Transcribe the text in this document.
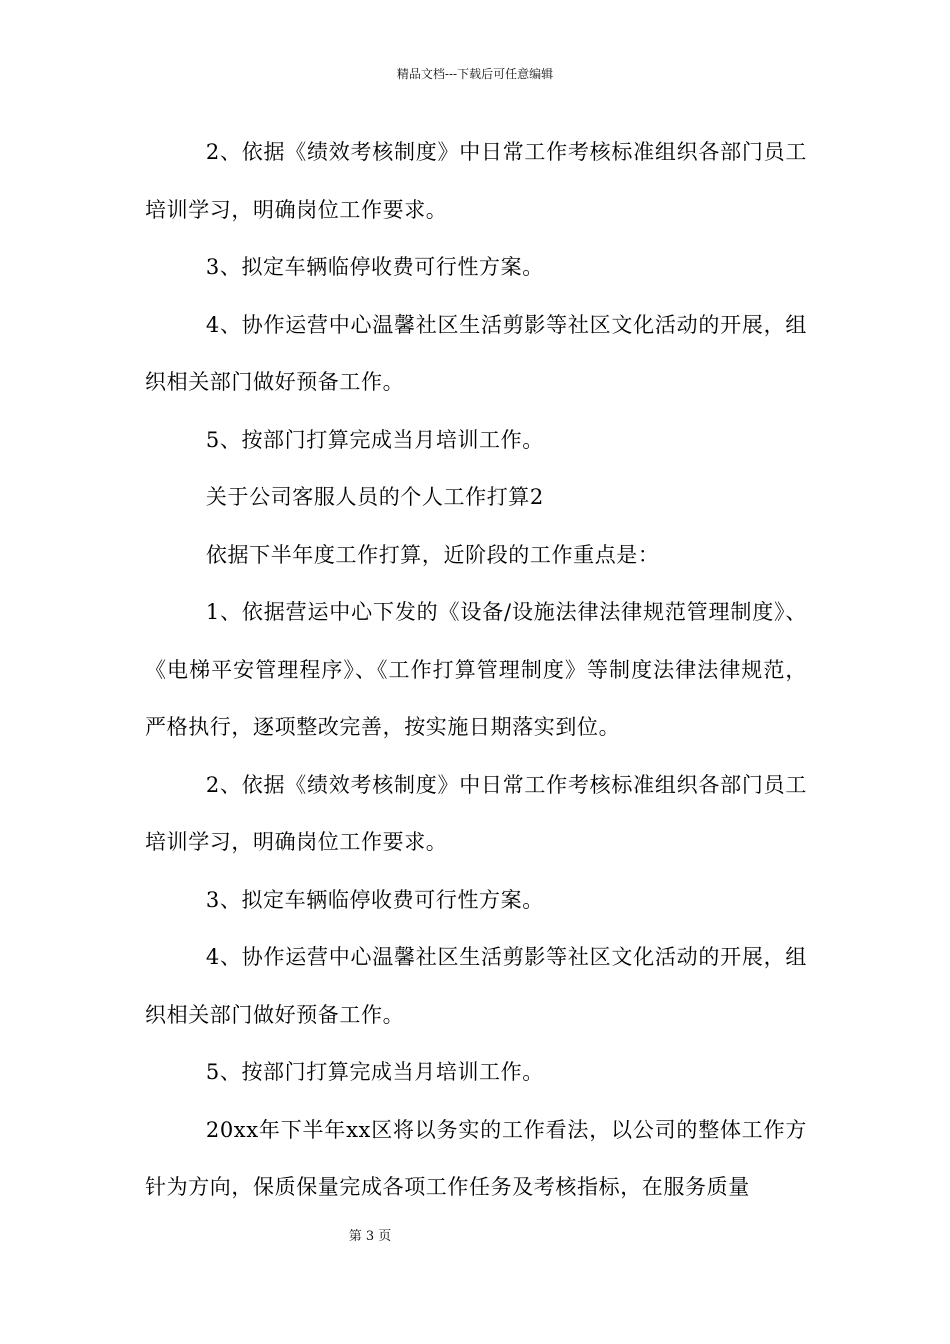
精品文档---下载后可任意编辑

2、依据《绩效考核制度》中日常工作考核标准组织各部门员工培训学习，明确岗位工作要求。

3、拟定车辆临停收费可行性方案。

4、协作运营中心温馨社区生活剪影等社区文化活动的开展，组织相关部门做好预备工作。

5、按部门打算完成当月培训工作。

关于公司客服人员的个人工作打算2

依据下半年度工作打算，近阶段的工作重点是：

1、依据营运中心下发的《设备/设施法律法律规范管理制度》、《电梯平安管理程序》、《工作打算管理制度》等制度法律法律规范，严格执行，逐项整改完善，按实施日期落实到位。

2、依据《绩效考核制度》中日常工作考核标准组织各部门员工培训学习，明确岗位工作要求。

3、拟定车辆临停收费可行性方案。

4、协作运营中心温馨社区生活剪影等社区文化活动的开展，组织相关部门做好预备工作。

5、按部门打算完成当月培训工作。

20xx年下半年xx区将以务实的工作看法，以公司的整体工作方针为方向，保质保量完成各项工作任务及考核指标，在服务质量

第 3 页
